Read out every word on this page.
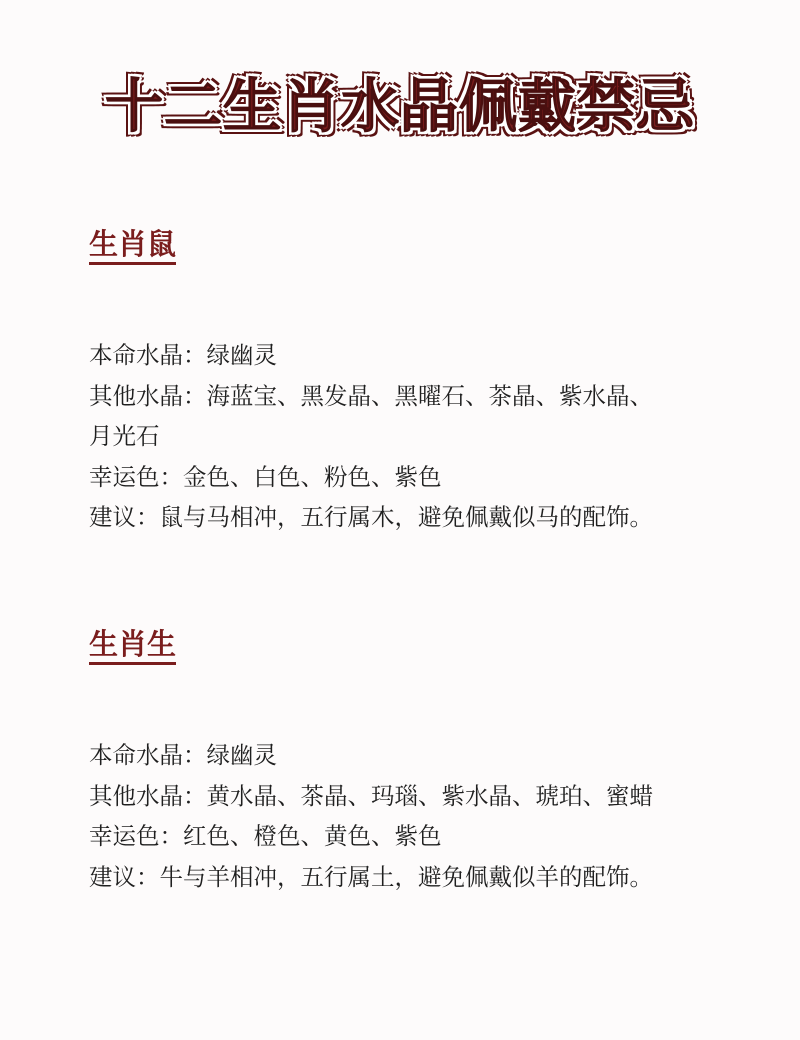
十二生肖水晶佩戴禁忌
生肖鼠
本命水晶：绿幽灵
其他水晶：海蓝宝、黑发晶、黑曜石、茶晶、紫水晶、
月光石
幸运色：金色、白色、粉色、紫色
建议：鼠与马相冲，五行属木，避免佩戴似马的配饰。
生肖生
本命水晶：绿幽灵
其他水晶：黄水晶、茶晶、玛瑙、紫水晶、琥珀、蜜蜡
幸运色：红色、橙色、黄色、紫色
建议：牛与羊相冲，五行属土，避免佩戴似羊的配饰。
